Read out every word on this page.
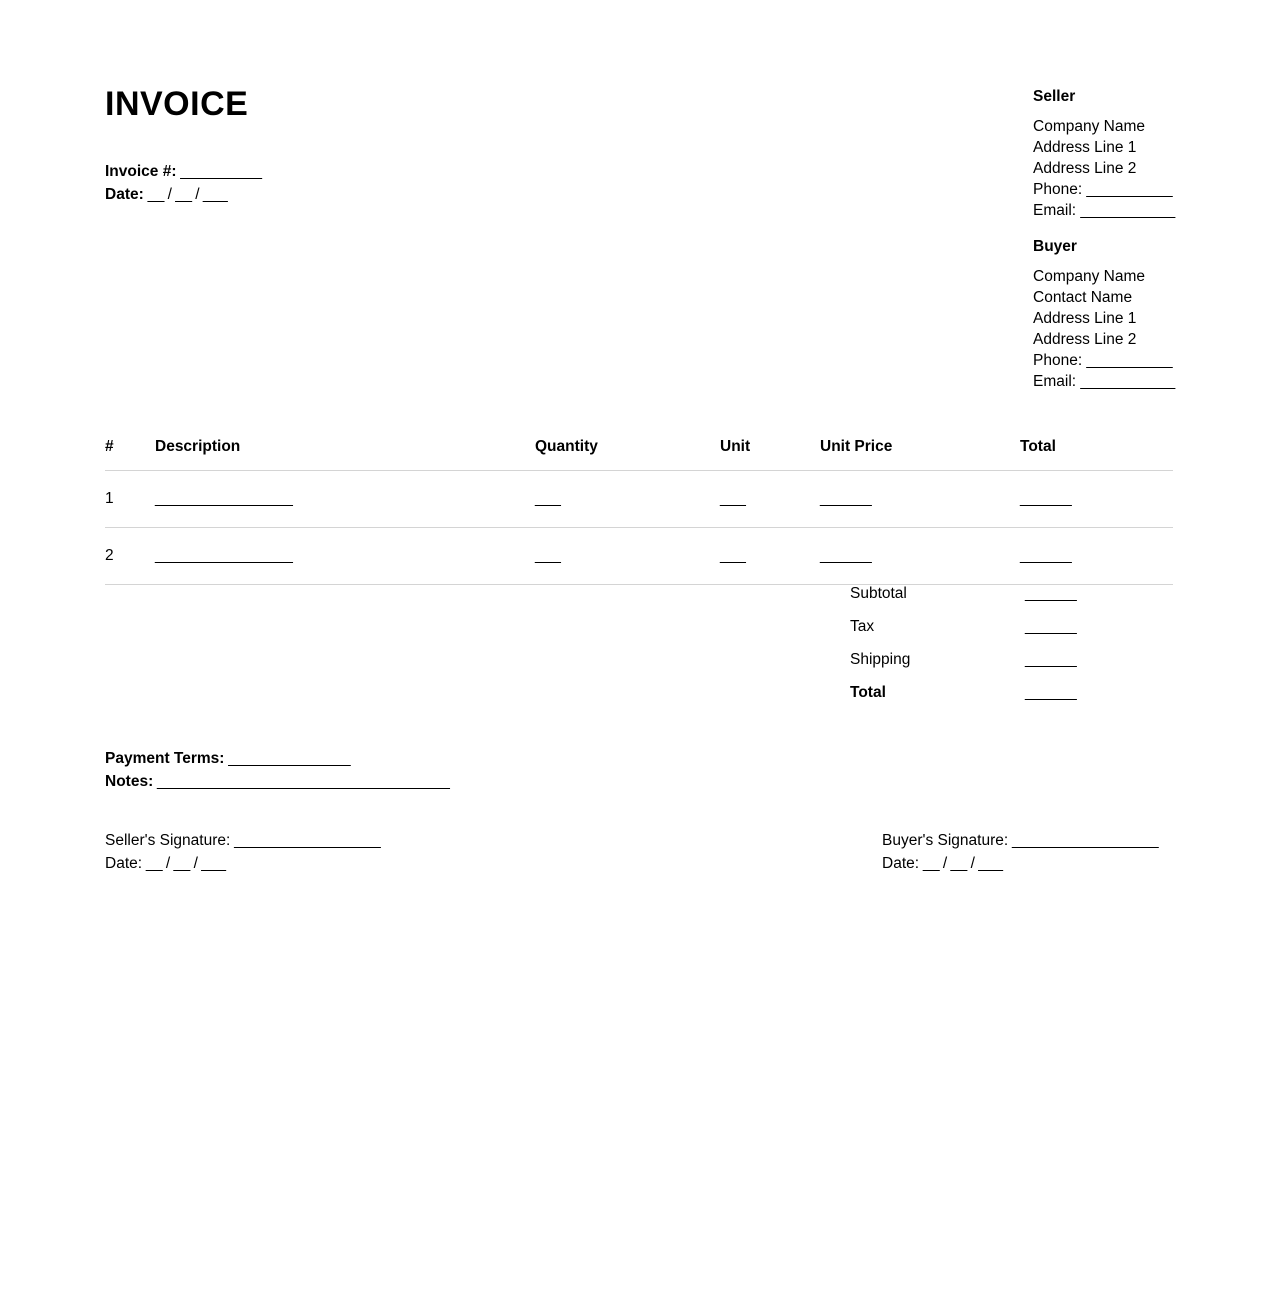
INVOICE
Invoice #: __________
Date: __ / __ / ___
Seller
Company Name
Address Line 1
Address Line 2
Phone: __________
Email: ___________
Buyer
Company Name
Contact Name
Address Line 1
Address Line 2
Phone: __________
Email: ___________
#	Description	Quantity	Unit	Unit Price	Total
1	________________	___	___	______	______
2	________________	___	___	______	______
Subtotal	______
Tax	______
Shipping	______
Total	______
Payment Terms: _______________
Notes: ____________________________________
Seller's Signature: __________________
Date: __ / __ / ___
Buyer's Signature: __________________
Date: __ / __ / ___
